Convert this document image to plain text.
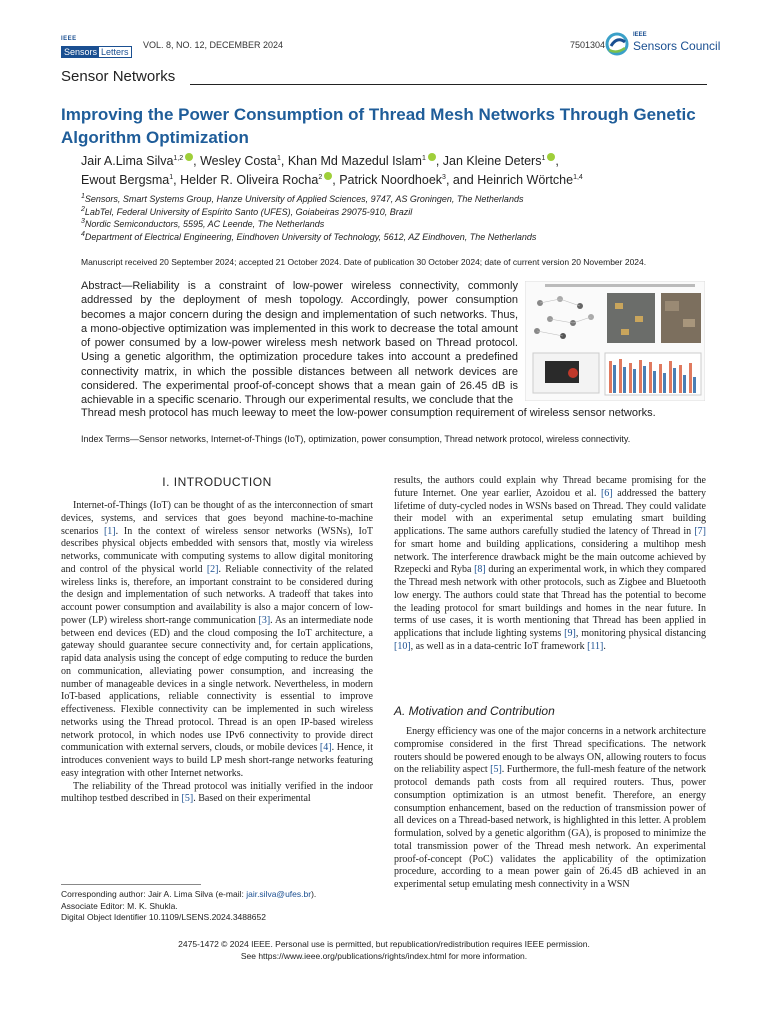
IEEE
Sensors Letters
VOL. 8, NO. 12, DECEMBER 2024	7501304
IEEE
Sensors Council
Sensor Networks
Improving the Power Consumption of Thread Mesh Networks Through Genetic Algorithm Optimization
Jair A.Lima Silva$^{1,2}$ , Wesley Costa$^1$, Khan Md Mazedul Islam$^1$ , Jan Kleine Deters$^1$ ,
Ewout Bergsma$^1$, Helder R. Oliveira Rocha$^2$ , Patrick Noordhoek$^3$, and Heinrich Wörtche$^{1,4}$
$^1$Sensors, Smart Systems Group, Hanze University of Applied Sciences, 9747, AS Groningen, The Netherlands
$^2$LabTel, Federal University of Espírito Santo (UFES), Goiabeiras 29075-910, Brazil
$^3$Nordic Semiconductors, 5595, AC Leende, The Netherlands
$^4$Department of Electrical Engineering, Eindhoven University of Technology, 5612, AZ Eindhoven, The Netherlands
Manuscript received 20 September 2024; accepted 21 October 2024. Date of publication 30 October 2024; date of current version 20 November 2024.
Abstract—Reliability is a constraint of low-power wireless connectivity, commonly addressed by the deployment of mesh topology. Accordingly, power consumption becomes a major concern during the design and implementation of such networks. Thus, a mono-objective optimization was implemented in this work to decrease the total amount of power consumed by a low-power wireless mesh network based on Thread protocol. Using a genetic algorithm, the optimization procedure takes into account a predefined connectivity matrix, in which the possible distances between all network devices are considered. The experimental proof-of-concept shows that a mean gain of 26.45 dB is achievable in a specific scenario. Through our experimental results, we conclude that the
Thread mesh protocol has much leeway to meet the low-power consumption requirement of wireless sensor networks.
Index Terms—Sensor networks, Internet-of-Things (IoT), optimization, power consumption, Thread network protocol, wireless connectivity.
I. INTRODUCTION

Internet-of-Things (IoT) can be thought of as the interconnection of smart devices, systems, and services that goes beyond machine-to-machine scenarios [1]. In the context of wireless sensor networks (WSNs), IoT describes physical objects embedded with sensors that, mostly via wireless networks, communicate with computing systems to allow digital monitoring and control of the physical world [2]. Reliable connectivity of the related wireless links is, therefore, an important constraint to be considered during the design and implementation of such networks. A tradeoff that takes into account power consumption and availability is also a major concern of low-power (LP) wireless short-range communication [3]. As an intermediate node between end devices (ED) and the cloud composing the IoT architecture, a gateway should guarantee secure connectivity and, for certain applications, rapid data analysis using the concept of edge computing to reduce the burden on communication, alleviating power consumption, and increasing the number of manageable devices in a single network. Nevertheless, in modern IoT-based applications, reliable connectivity is essential to improve effectiveness. Flexible connectivity can be implemented in such wireless networks using the Thread protocol. Thread is an open IP-based wireless network protocol, in which nodes use IPv6 connectivity to provide direct communication with external servers, clouds, or mobile devices [4]. Hence, it introduces convenient ways to build LP mesh short-range networks featuring easy integration with other Internet networks.

The reliability of the Thread protocol was initially verified in the indoor multihop testbed described in [5]. Based on their experimental

results, the authors could explain why Thread became promising for the future Internet. One year earlier, Azoidou et al. [6] addressed the battery lifetime of duty-cycled nodes in WSNs based on Thread. They could validate their model with an experimental setup emulating smart building applications. The same authors carefully studied the latency of Thread in [7] for smart home and building applications, considering a multihop mesh network. The interference drawback might be the main outcome achieved by Rzepecki and Ryba [8] during an experimental work, in which they compared the Thread mesh network with other protocols, such as Zigbee and Bluetooth low energy. The authors could state that Thread has the potential to become the leading protocol for smart buildings and homes in the near future. In terms of use cases, it is worth mentioning that Thread has been applied in applications that include lighting systems [9], monitoring physical distancing [10], as well as in a data-centric IoT framework [11].

A. Motivation and Contribution

Energy efficiency was one of the major concerns in a network architecture compromise considered in the first Thread specifications. The network routers should be powered enough to be always ON, allowing routers to focus on the reliability aspect [5]. Furthermore, the full-mesh feature of the network protocol demands path costs from all required routers. Thus, power consumption optimization is an utmost benefit. Therefore, an energy consumption enhancement, based on the reduction of transmission power of all devices on a Thread-based network, is highlighted in this letter. A problem formulation, solved by a genetic algorithm (GA), is proposed to minimize the total transmission power of the Thread mesh network. An experimental proof-of-concept (PoC) validates the applicability of the optimization procedure, according to a mean power gain of 26.45 dB achieved in an experimental setup emulating mesh connectivity in a WSN

Corresponding author: Jair A. Lima Silva (e-mail: jair.silva@ufes.br).
Associate Editor: M. K. Shukla.
Digital Object Identifier 10.1109/LSENS.2024.3488652
2475-1472 © 2024 IEEE. Personal use is permitted, but republication/redistribution requires IEEE permission.
See https://www.ieee.org/publications/rights/index.html for more information.
